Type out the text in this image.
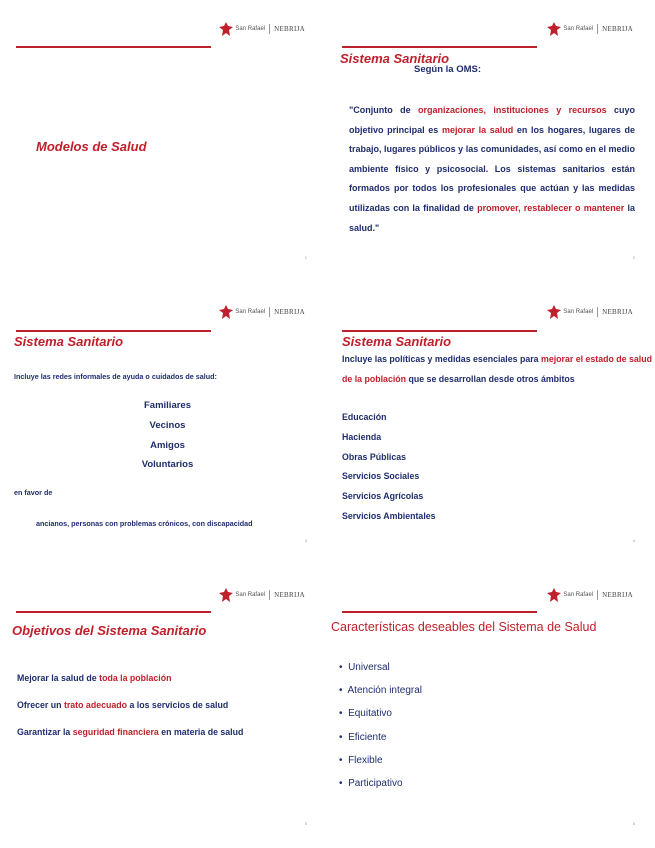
San Rafael NEBRIJA
Modelos de Salud
1
San Rafael NEBRIJA
Sistema Sanitario
Según la OMS:

"Conjunto de organizaciones, instituciones y recursos cuyo objetivo principal es mejorar la salud en los hogares, lugares de trabajo, lugares públicos y las comunidades, así como en el medio ambiente físico y psicosocial. Los sistemas sanitarios están formados por todos los profesionales que actúan y las medidas utilizadas con la finalidad de promover, restablecer o mantener la salud."

2
San Rafael NEBRIJA
Sistema Sanitario
Incluye las redes informales de ayuda o cuidados de salud:
Familiares
Vecinos
Amigos
Voluntarios
en favor de
ancianos, personas con problemas crónicos, con discapacidad
3
San Rafael NEBRIJA
Sistema Sanitario

Incluye las políticas y medidas esenciales para mejorar el estado de salud de la población que se desarrollan desde otros ámbitos

Educación
Hacienda
Obras Públicas
Servicios Sociales
Servicios Agrícolas
Servicios Ambientales
4
San Rafael NEBRIJA
Objetivos del Sistema Sanitario
Mejorar la salud de toda la población
Ofrecer un trato adecuado a los servicios de salud
Garantizar la seguridad financiera en materia de salud
5
San Rafael NEBRIJA
Características deseables del Sistema de Salud
•  Universal
•  Atención integral
•  Equitativo
•  Eficiente
•  Flexible
•  Participativo
6
